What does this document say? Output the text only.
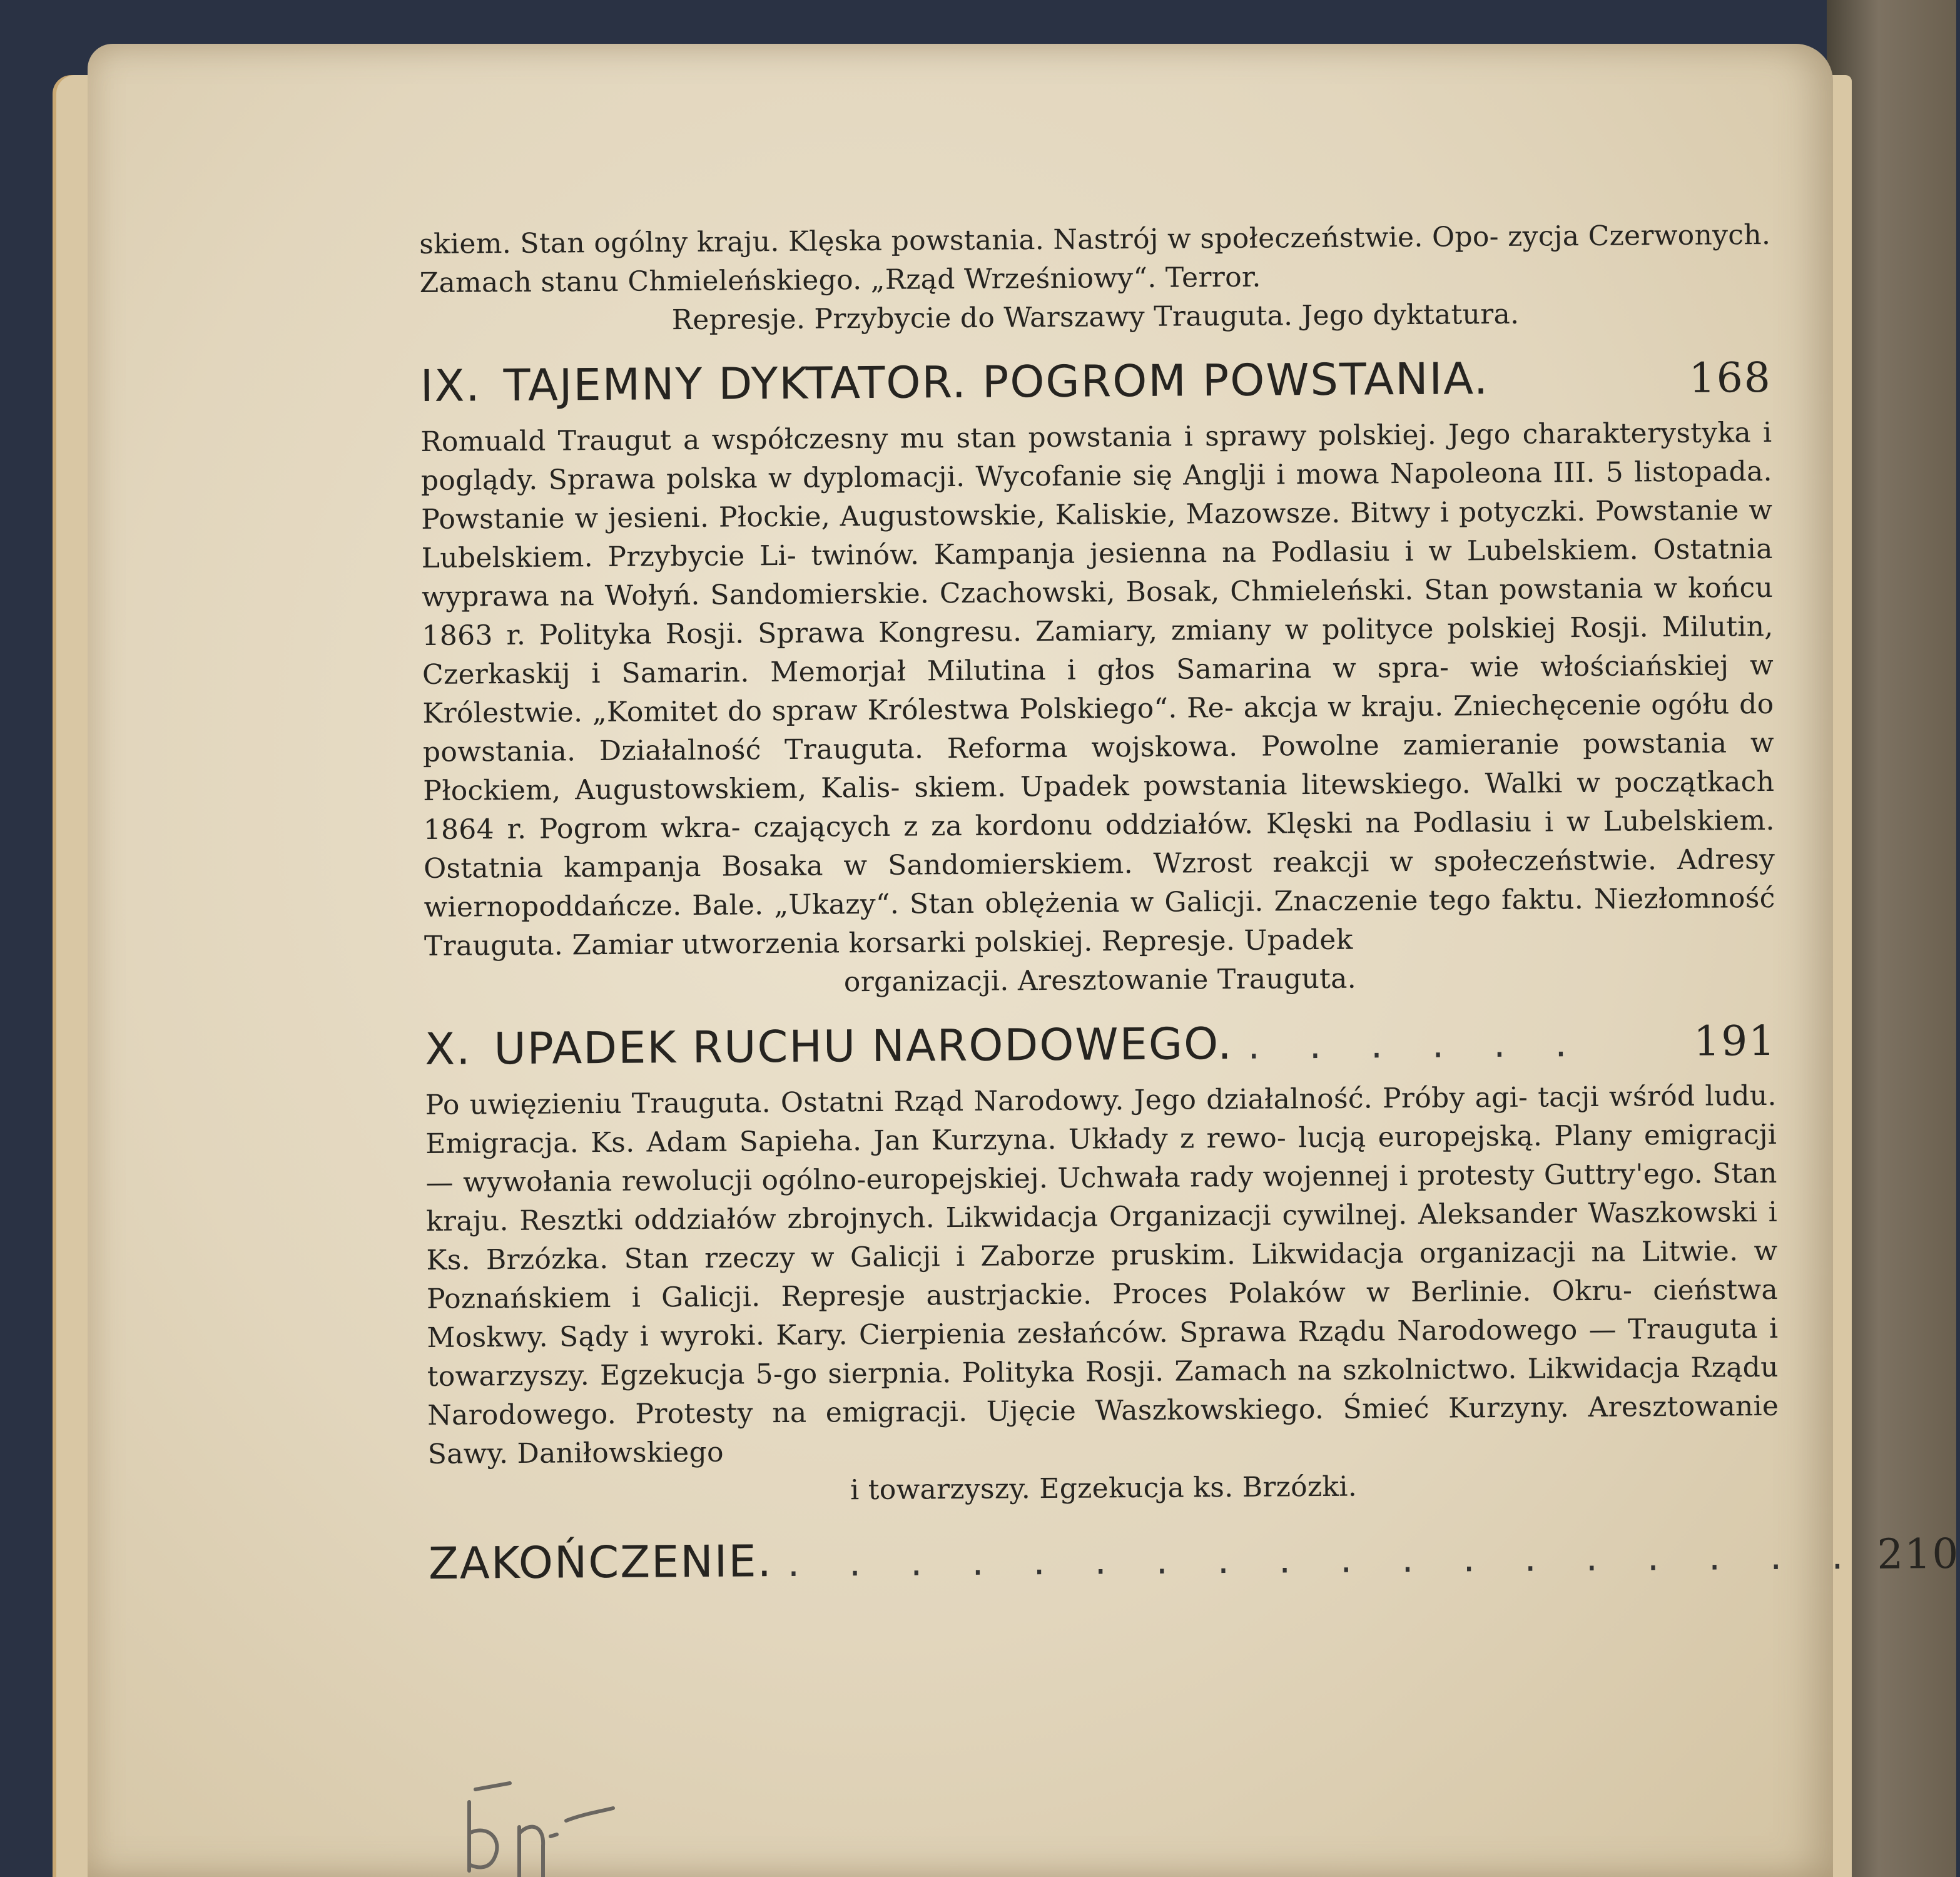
skiem. Stan ogólny kraju. Klęska powstania. Nastrój w społeczeństwie. Opo- zycja Czerwonych. Zamach stanu Chmieleńskiego. „Rząd Wrześniowy“. Terror.
Represje. Przybycie do Warszawy Trauguta. Jego dyktatura.

IX. TAJEMNY DYKTATOR. POGROM POWSTANIA.	168

Romuald Traugut a współczesny mu stan powstania i sprawy polskiej. Jego charakterystyka i poglądy. Sprawa polska w dyplomacji. Wycofanie się Anglji i mowa Napoleona III. 5 listopada. Powstanie w jesieni. Płockie, Augustowskie, Kaliskie, Mazowsze. Bitwy i potyczki. Powstanie w Lubelskiem. Przybycie Li- twinów. Kampanja jesienna na Podlasiu i w Lubelskiem. Ostatnia wyprawa na Wołyń. Sandomierskie. Czachowski, Bosak, Chmieleński. Stan powstania w końcu 1863 r. Polityka Rosji. Sprawa Kongresu. Zamiary, zmiany w polityce polskiej Rosji. Milutin, Czerkaskij i Samarin. Memorjał Milutina i głos Samarina w spra- wie włościańskiej w Królestwie. „Komitet do spraw Królestwa Polskiego“. Re- akcja w kraju. Zniechęcenie ogółu do powstania. Działalność Trauguta. Reforma wojskowa. Powolne zamieranie powstania w Płockiem, Augustowskiem, Kalis- skiem. Upadek powstania litewskiego. Walki w początkach 1864 r. Pogrom wkra- czających z za kordonu oddziałów. Klęski na Podlasiu i w Lubelskiem. Ostatnia kampanja Bosaka w Sandomierskiem. Wzrost reakcji w społeczeństwie. Adresy wiernopoddańcze. Bale. „Ukazy“. Stan oblężenia w Galicji. Znaczenie tego faktu. Niezłomność Trauguta. Zamiar utworzenia korsarki polskiej. Represje. Upadek
organizacji. Aresztowanie Trauguta.

X. UPADEK RUCHU NARODOWEGO. . . . . . .	191

Po uwięzieniu Trauguta. Ostatni Rząd Narodowy. Jego działalność. Próby agi- tacji wśród ludu. Emigracja. Ks. Adam Sapieha. Jan Kurzyna. Układy z rewo- lucją europejską. Plany emigracji — wywołania rewolucji ogólno-europejskiej. Uchwała rady wojennej i protesty Guttry'ego. Stan kraju. Resztki oddziałów zbrojnych. Likwidacja Organizacji cywilnej. Aleksander Waszkowski i Ks. Brzózka. Stan rzeczy w Galicji i Zaborze pruskim. Likwidacja organizacji na Litwie. w Poznańskiem i Galicji. Represje austrjackie. Proces Polaków w Berlinie. Okru- cieństwa Moskwy. Sądy i wyroki. Kary. Cierpienia zesłańców. Sprawa Rządu Narodowego — Trauguta i towarzyszy. Egzekucja 5-go sierpnia. Polityka Rosji. Zamach na szkolnictwo. Likwidacja Rządu Narodowego. Protesty na emigracji. Ujęcie Waszkowskiego. Śmieć Kurzyny. Aresztowanie Sawy. Daniłowskiego
i towarzyszy. Egzekucja ks. Brzózki.

ZAKOŃCZENIE. . . . . . . . . . . . . . . . . . . 210
